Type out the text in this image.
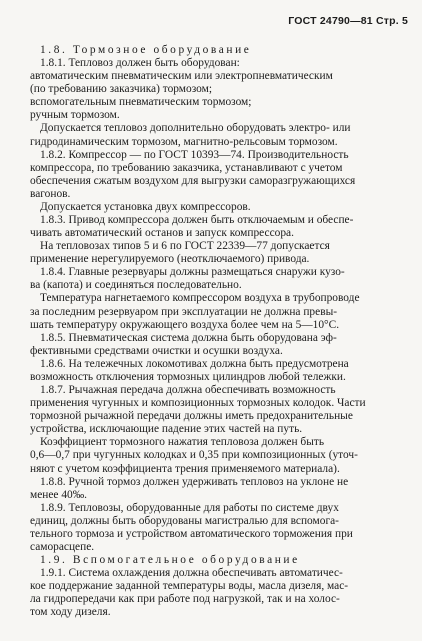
ГОСТ 24790—81 Стр. 5

1.8. Тормозное оборудование

1.8.1. Тепловоз должен быть оборудован:

автоматическим пневматическим или электропневматическим

(по требованию заказчика) тормозом;

вспомогательным пневматическим тормозом;

ручным тормозом.

Допускается тепловоз дополнительно оборудовать электро- или

гидродинамическим тормозом, магнитно-рельсовым тормозом.

1.8.2. Компрессор — по ГОСТ 10393—74. Производительность

компрессора, по требованию заказчика, устанавливают с учетом

обеспечения сжатым воздухом для выгрузки саморазгружающихся

вагонов.

Допускается установка двух компрессоров.

1.8.3. Привод компрессора должен быть отключаемым и обеспе-

чивать автоматический останов и запуск компрессора.

На тепловозах типов 5 и 6 по ГОСТ 22339—77 допускается

применение нерегулируемого (неотключаемого) привода.

1.8.4. Главные резервуары должны размещаться снаружи кузо-

ва (капота) и соединяться последовательно.

Температура нагнетаемого компрессором воздуха в трубопроводе

за последним резервуаром при эксплуатации не должна превы-

шать температуру окружающего воздуха более чем на 5—10°С.

1.8.5. Пневматическая система должна быть оборудована эф-

фективными средствами очистки и осушки воздуха.

1.8.6. На тележечных локомотивах должна быть предусмотрена

возможность отключения тормозных цилиндров любой тележки.

1.8.7. Рычажная передача должна обеспечивать возможность

применения чугунных и композиционных тормозных колодок. Части

тормозной рычажной передачи должны иметь предохранительные

устройства, исключающие падение этих частей на путь.

Коэффициент тормозного нажатия тепловоза должен быть

0,6—0,7 при чугунных колодках и 0,35 при композиционных (уточ-

няют с учетом коэффициента трения применяемого материала).

1.8.8. Ручной тормоз должен удерживать тепловоз на уклоне не

менее 40‰.

1.8.9. Тепловозы, оборудованные для работы по системе двух

единиц, должны быть оборудованы магистралью для вспомога-

тельного тормоза и устройством автоматического торможения при

саморасцепе.

1.9. Вспомогательное оборудование

1.9.1. Система охлаждения должна обеспечивать автоматичес-

кое поддержание заданной температуры воды, масла дизеля, мас-

ла гидропередачи как при работе под нагрузкой, так и на холос-

том ходу дизеля.
